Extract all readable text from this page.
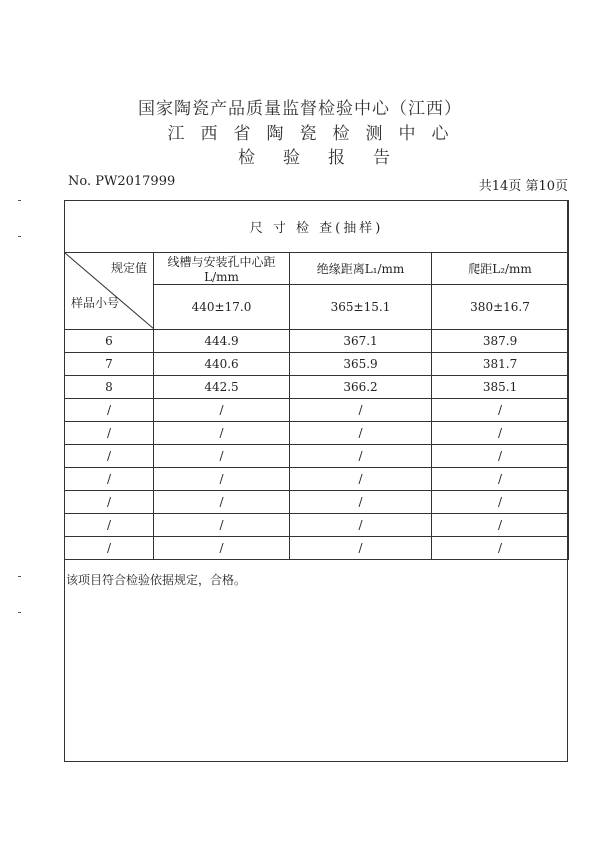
国家陶瓷产品质量监督检验中心（江西）
江西省陶瓷检测中心
检验报告
No. PW2017999	共14页 第10页
尺 寸 检 查(抽样)			

规定值
样品小号	线槽与安装孔中心距L/mm	绝缘距离L₁/mm	爬距L₂/mm
	440±17.0	365±15.1	380±16.7
6	444.9	367.1	387.9
7	440.6	365.9	381.7
8	442.5	366.2	385.1
/	/	/	/
/	/	/	/
/	/	/	/
/	/	/	/
/	/	/	/
/	/	/	/
/	/	/	/
该项目符合检验依据规定，合格。
